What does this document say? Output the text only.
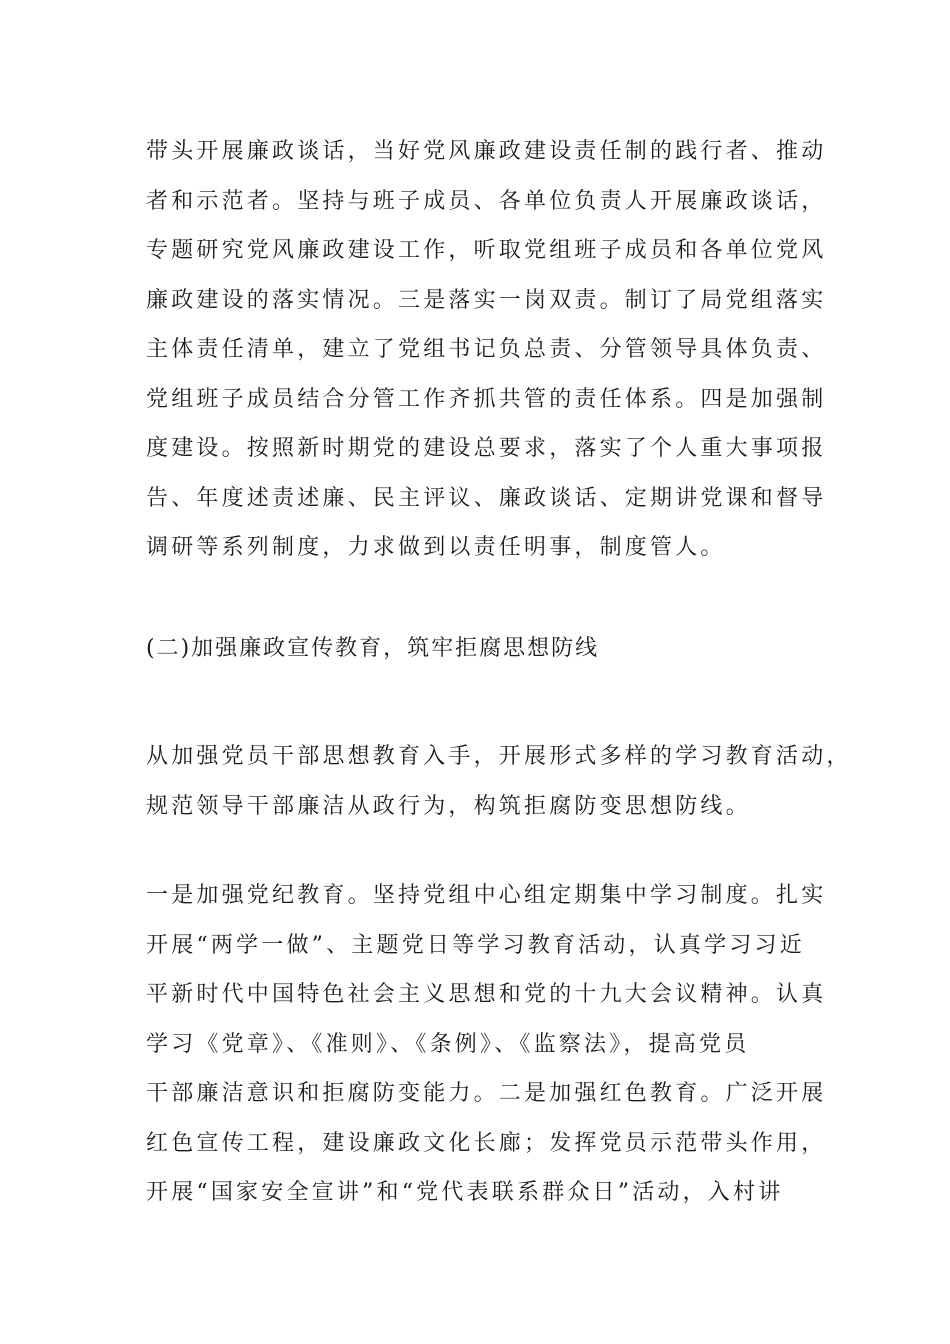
带头开展廉政谈话，当好党风廉政建设责任制的践行者、推动
者和示范者。坚持与班子成员、各单位负责人开展廉政谈话，
专题研究党风廉政建设工作，听取党组班子成员和各单位党风
廉政建设的落实情况。三是落实一岗双责。制订了局党组落实
主体责任清单，建立了党组书记负总责、分管领导具体负责、
党组班子成员结合分管工作齐抓共管的责任体系。四是加强制
度建设。按照新时期党的建设总要求，落实了个人重大事项报
告、年度述责述廉、民主评议、廉政谈话、定期讲党课和督导
调研等系列制度，力求做到以责任明事，制度管人。
(二)加强廉政宣传教育，筑牢拒腐思想防线
从加强党员干部思想教育入手，开展形式多样的学习教育活动，
规范领导干部廉洁从政行为，构筑拒腐防变思想防线。
一是加强党纪教育。坚持党组中心组定期集中学习制度。扎实
开展“两学一做”、主题党日等学习教育活动，认真学习习近
平新时代中国特色社会主义思想和党的十九大会议精神。认真
学习《党章》、《准则》、《条例》、《监察法》，提高党员
干部廉洁意识和拒腐防变能力。二是加强红色教育。广泛开展
红色宣传工程，建设廉政文化长廊；发挥党员示范带头作用，
开展“国家安全宣讲”和“党代表联系群众日”活动，入村讲
